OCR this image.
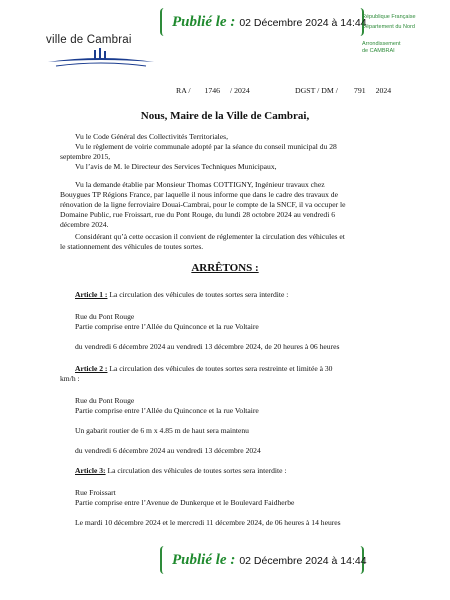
Publié le : 02 Décembre 2024 à 14:44
ville de Cambrai
République Française
Département du Nord
Arrondissement
de CAMBRAI
RA / 1746 / 2024	DGST / DM / 791 2024
Nous, Maire de la Ville de Cambrai,
Vu le Code Général des Collectivités Territoriales,
Vu le règlement de voirie communale adopté par la séance du conseil municipal du 28
septembre 2015,
Vu l’avis de M. le Directeur des Services Techniques Municipaux,
Vu la demande établie par Monsieur Thomas COTTIGNY, Ingénieur travaux chez
Bouygues TP Régions France, par laquelle il nous informe que dans le cadre des travaux de
rénovation de la ligne ferroviaire Douai-Cambrai, pour le compte de la SNCF, il va occuper le
Domaine Public, rue Froissart, rue du Pont Rouge, du lundi 28 octobre 2024 au vendredi 6
décembre 2024.
Considérant qu’à cette occasion il convient de réglementer la circulation des véhicules et
le stationnement des véhicules de toutes sortes.
ARRÊTONS :
Article 1 : La circulation des véhicules de toutes sortes sera interdite :
Rue du Pont Rouge
Partie comprise entre l’Allée du Quinconce et la rue Voltaire
du vendredi 6 décembre 2024 au vendredi 13 décembre 2024, de 20 heures à 06 heures
Article 2 : La circulation des véhicules de toutes sortes sera restreinte et limitée à 30
km/h :
Rue du Pont Rouge
Partie comprise entre l’Allée du Quinconce et la rue Voltaire
Un gabarit routier de 6 m x 4.85 m de haut sera maintenu
du vendredi 6 décembre 2024 au vendredi 13 décembre 2024
Article 3: La circulation des véhicules de toutes sortes sera interdite :
Rue Froissart
Partie comprise entre l’Avenue de Dunkerque et le Boulevard Faidherbe
Le mardi 10 décembre 2024 et le mercredi 11 décembre 2024, de 06 heures à 14 heures
Publié le : 02 Décembre 2024 à 14:44
